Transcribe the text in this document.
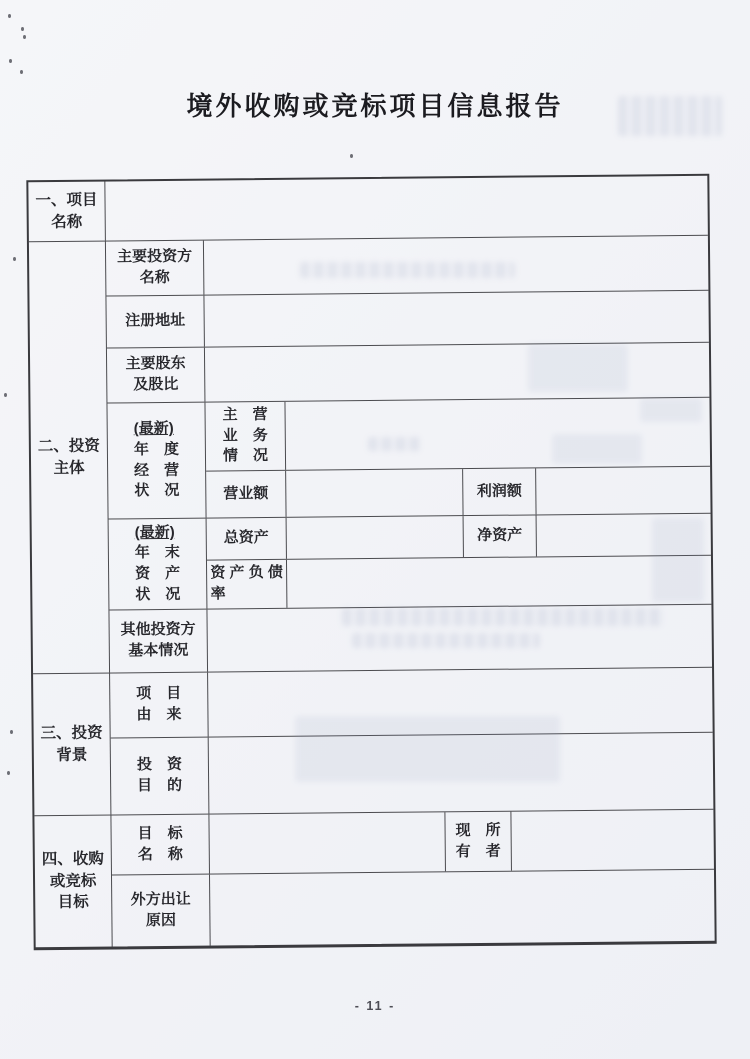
境外收购或竞标项目信息报告
一、项目
名称
二、投资
主体
主要投资方
名称
注册地址
主要股东
及股比
(最新)
年　度
经　营
状　况
主　营
业　务
情　况
营业额	利润额
(最新)
年　末
资　产
状　况
总资产	净资产
资 产 负 债
率
其他投资方
基本情况
三、投资
背景
项　目
由　来
投　资
目　的
四、收购
或竞标
目标
目　标
名　称
现　所
有　者
外方出让
原因
- 11 -
